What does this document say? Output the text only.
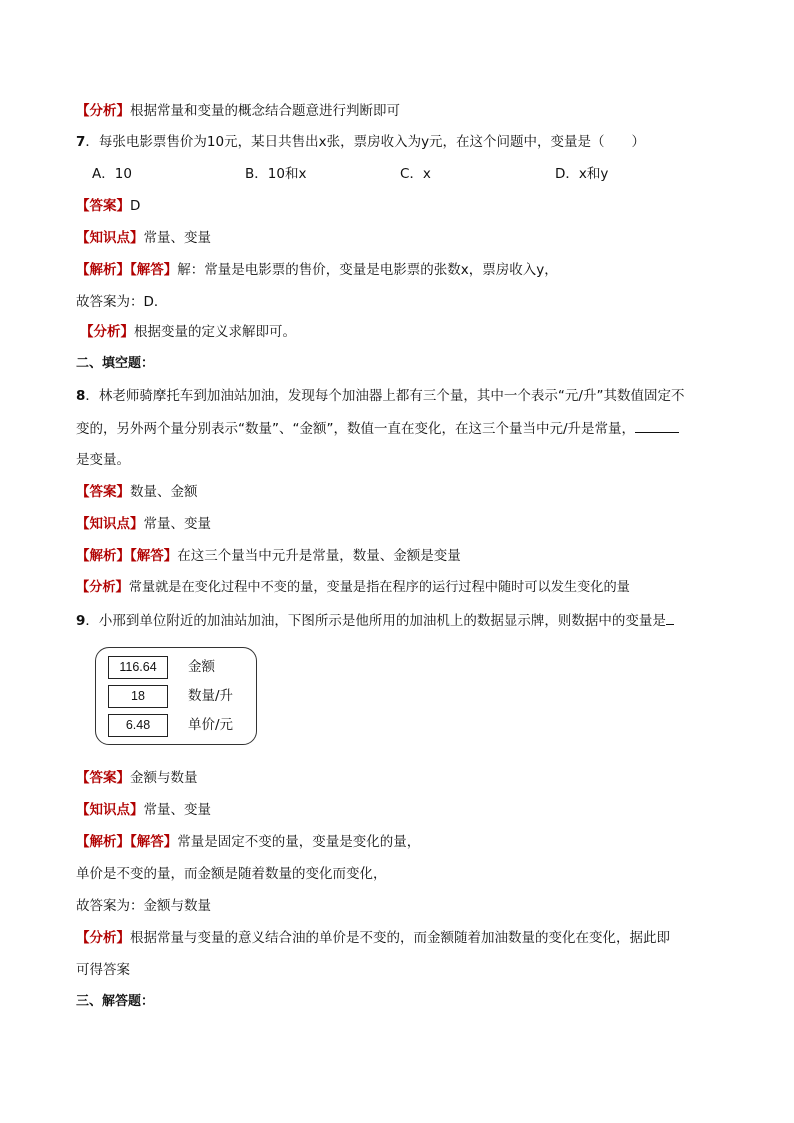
【分析】根据常量和变量的概念结合题意进行判断即可
7．每张电影票售价为10元，某日共售出x张，票房收入为y元，在这个问题中，变量是（　　）
A．10	B．10和x	C．x	D．x和y
【答案】D
【知识点】常量、变量
【解析】【解答】解：常量是电影票的售价，变量是电影票的张数x，票房收入y，
故答案为：D．
【分析】根据变量的定义求解即可。
二、填空题：
8．林老师骑摩托车到加油站加油，发现每个加油器上都有三个量，其中一个表示“元/升”其数值固定不
变的，另外两个量分别表示“数量”、“金额”，数值一直在变化，在这三个量当中元/升是常量，
是变量。
【答案】数量、金额
【知识点】常量、变量
【解析】【解答】在这三个量当中元升是常量，数量、金额是变量
【分析】常量就是在变化过程中不变的量，变量是指在程序的运行过程中随时可以发生变化的量
9．小邢到单位附近的加油站加油，下图所示是他所用的加油机上的数据显示牌，则数据中的变量是
116.64	金额
18	数量/升
6.48	单价/元
【答案】金额与数量
【知识点】常量、变量
【解析】【解答】常量是固定不变的量，变量是变化的量，
单价是不变的量，而金额是随着数量的变化而变化，
故答案为：金额与数量
【分析】根据常量与变量的意义结合油的单价是不变的，而金额随着加油数量的变化在变化，据此即
可得答案
三、解答题：
